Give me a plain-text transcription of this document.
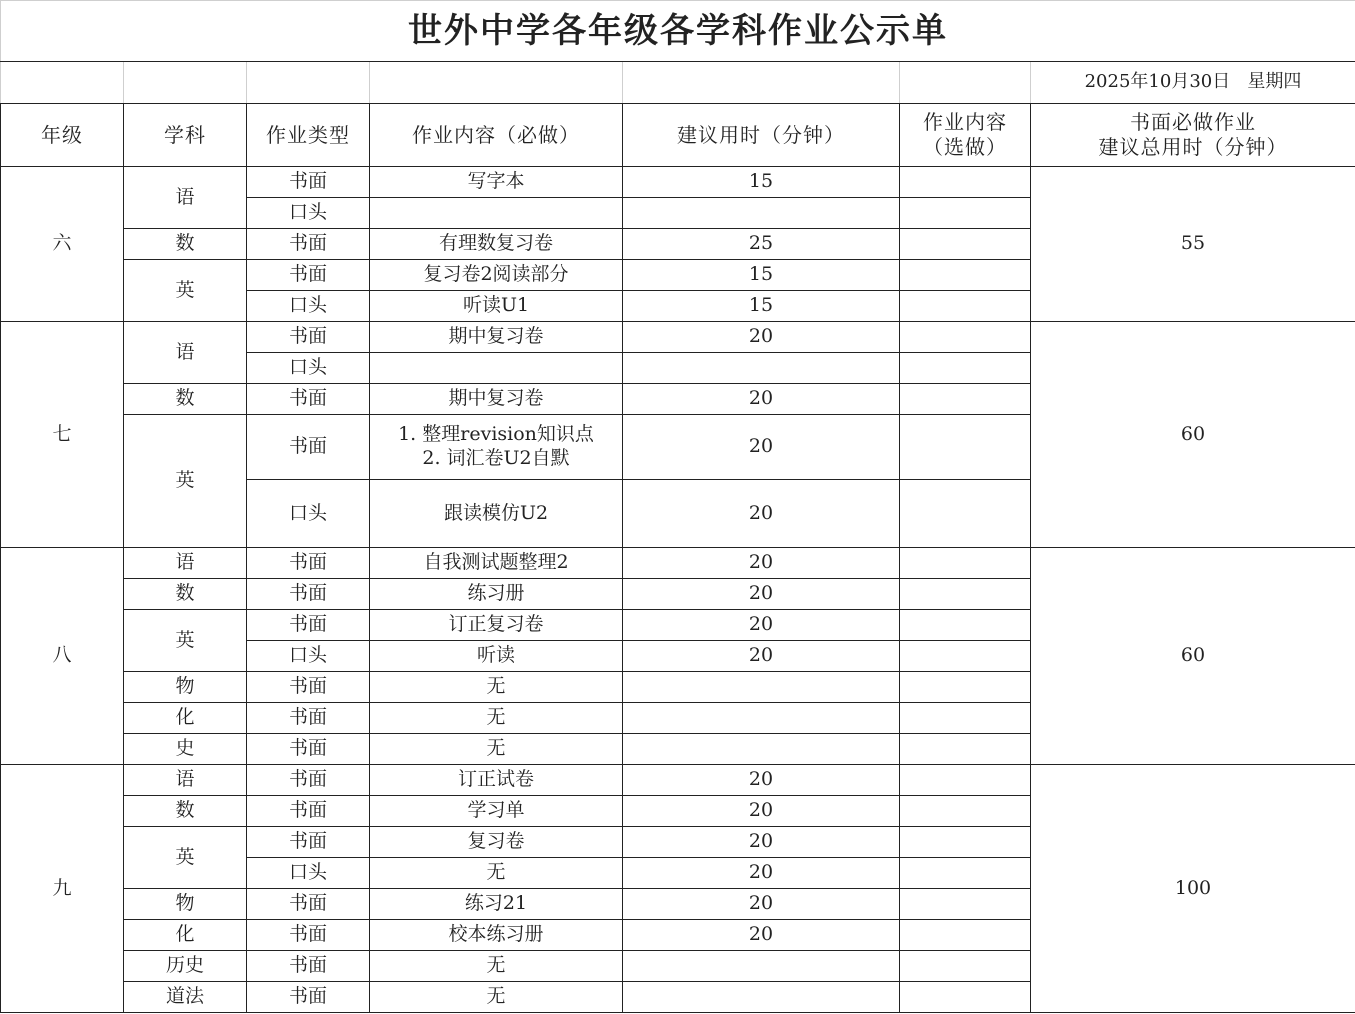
世外中学各年级各学科作业公示单						
						2025年10月30日 星期四
年级	学科	作业类型	作业内容（必做）	建议用时（分钟）	作业内容
（选做）	书面必做作业
建议总用时（分钟）

六	语	书面	写字本	15		55
		口头				
	数	书面	有理数复习卷	25		
	英	书面	复习卷2阅读部分	15		
		口头	听读U1	15		
七	语	书面	期中复习卷	20		60
		口头				
	数	书面	期中复习卷	20		
	英	书面	1. 整理revision知识点
2. 词汇卷U2自默	20		
		口头	跟读模仿U2	20		
八	语	书面	自我测试题整理2	20		60
	数	书面	练习册	20		
	英	书面	订正复习卷	20		
		口头	听读	20		
	物	书面	无			
	化	书面	无			
	史	书面	无			
九	语	书面	订正试卷	20		100
	数	书面	学习单	20		
	英	书面	复习卷	20		
		口头	无	20		
	物	书面	练习21	20		
	化	书面	校本练习册	20		
	历史	书面	无			
	道法	书面	无			
